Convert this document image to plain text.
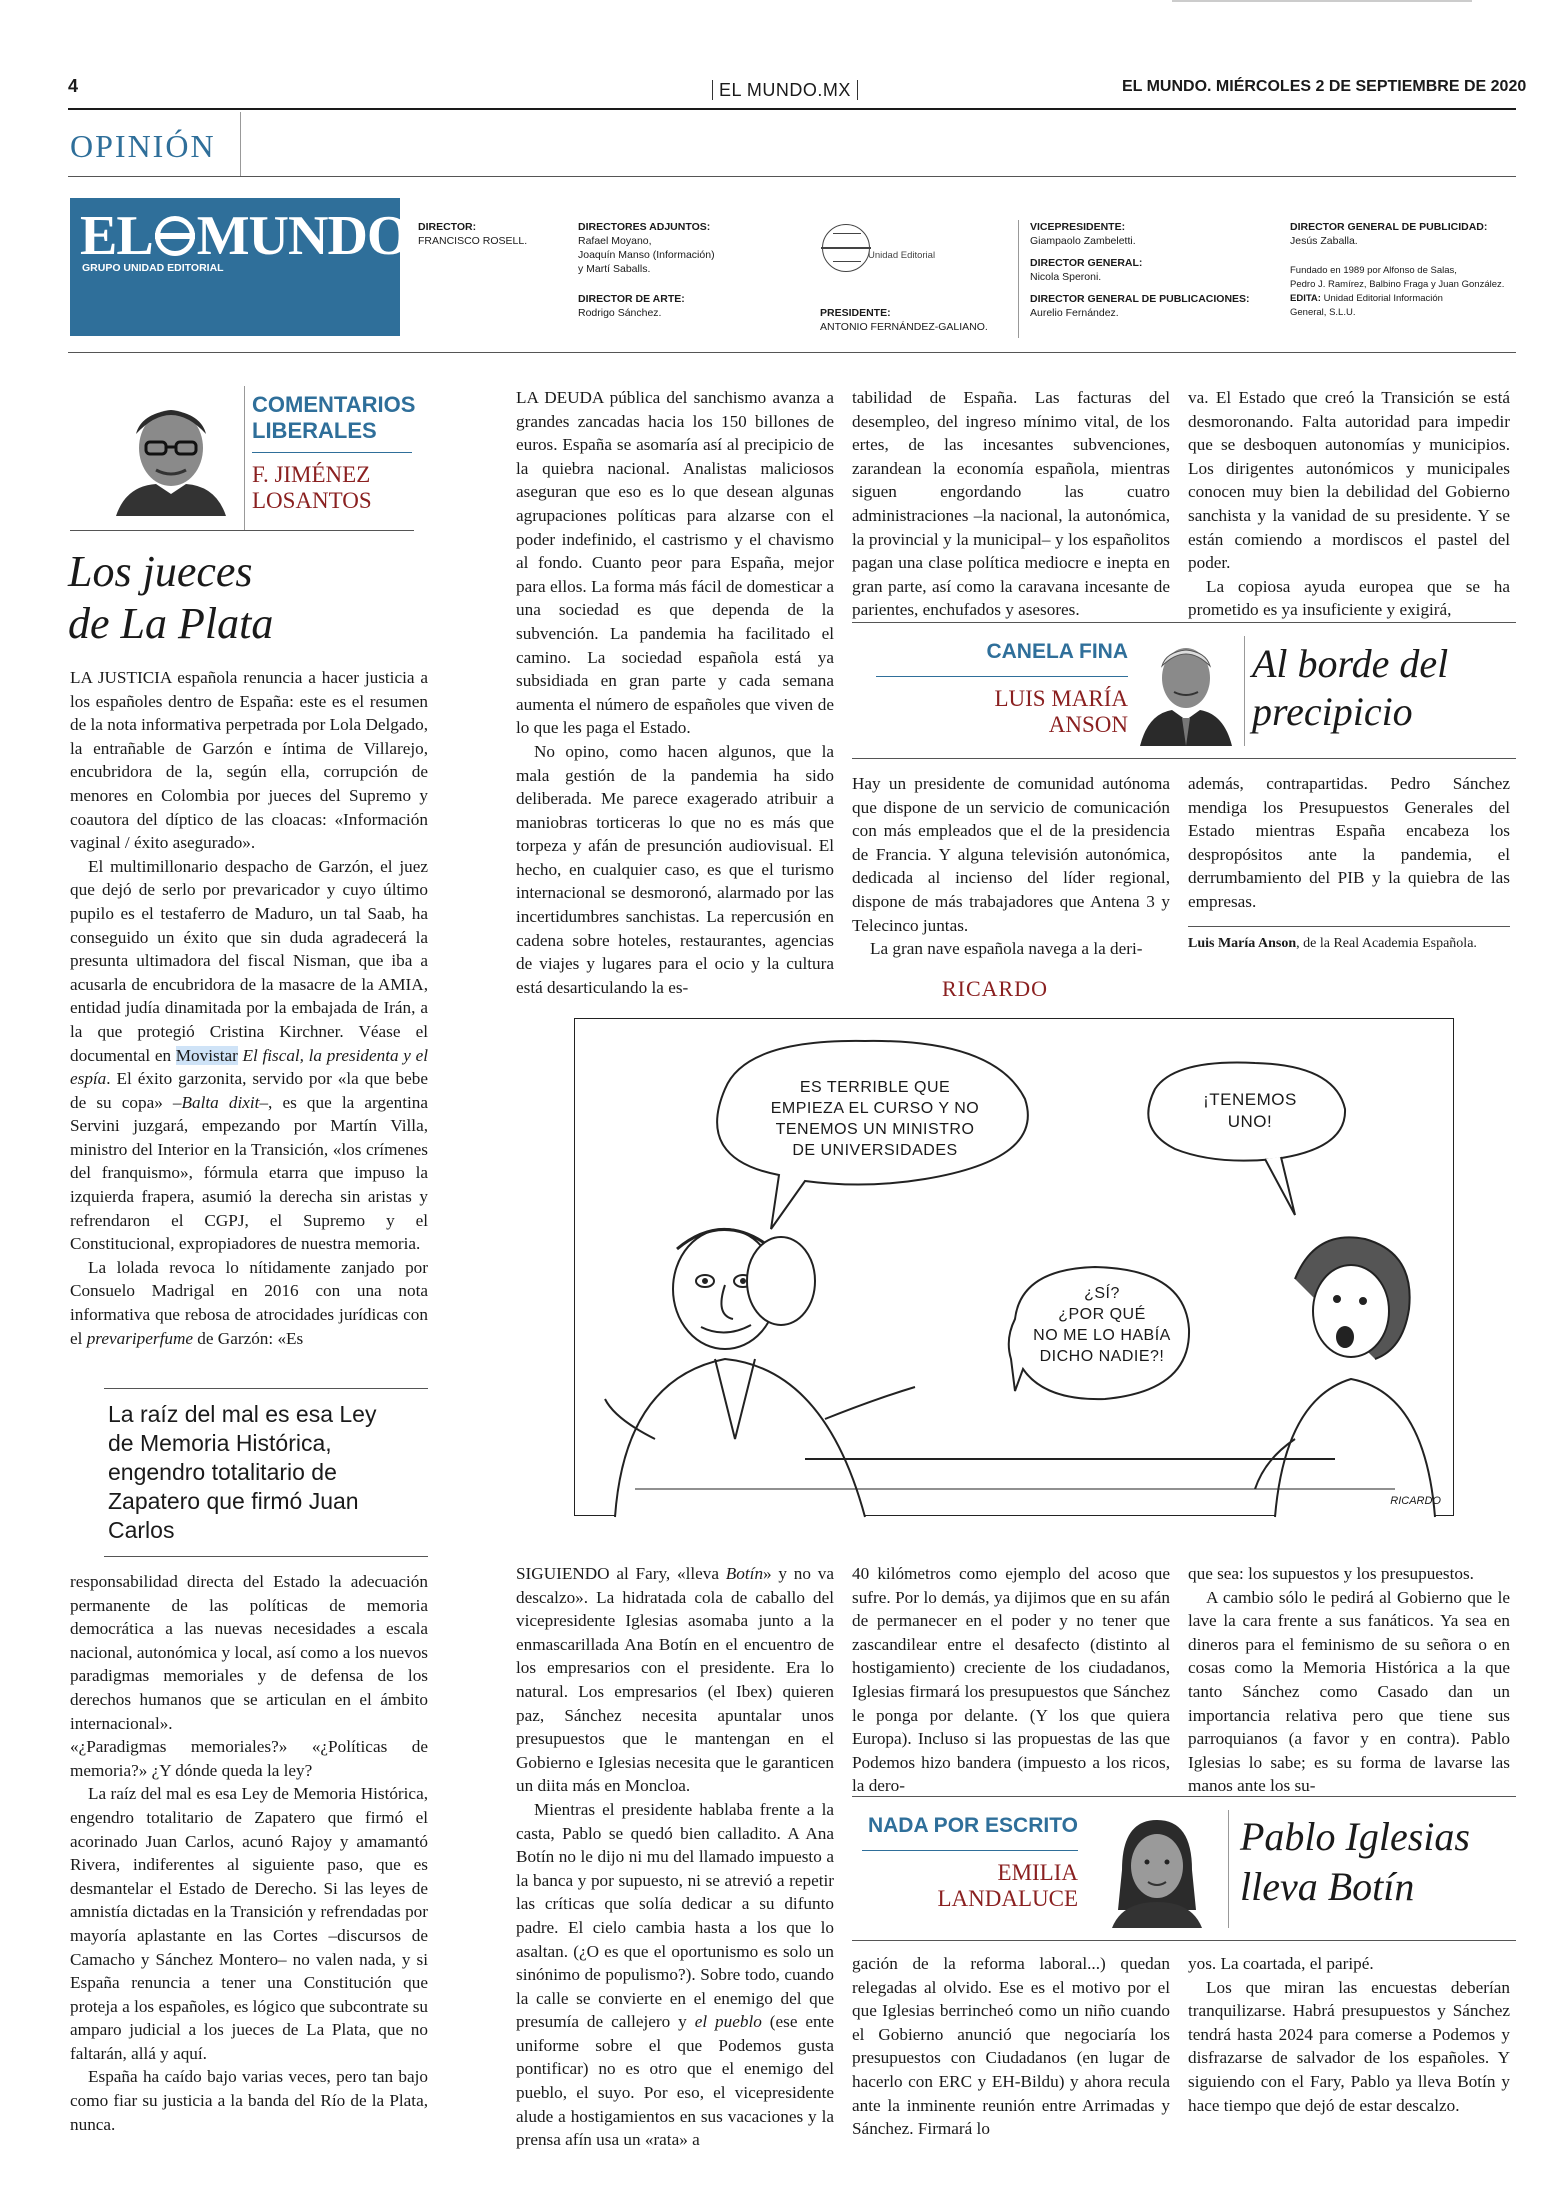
4	EL MUNDO.MX	EL MUNDO. MIÉRCOLES 2 DE SEPTIEMBRE DE 2020
OPINIÓN
EL MUNDO
GRUPO UNIDAD EDITORIAL
DIRECTOR:
FRANCISCO ROSELL.
DIRECTORES ADJUNTOS:
Rafael Moyano,
Joaquín Manso (Información)
y Martí Saballs.
DIRECTOR DE ARTE:
Rodrigo Sánchez.
Unidad Editorial
PRESIDENTE:
ANTONIO FERNÁNDEZ-GALIANO.
VICEPRESIDENTE:
Giampaolo Zambeletti.
DIRECTOR GENERAL:
Nicola Speroni.
DIRECTOR GENERAL DE PUBLICACIONES:
Aurelio Fernández.
DIRECTOR GENERAL DE PUBLICIDAD:
Jesús Zaballa.
Fundado en 1989 por Alfonso de Salas,
Pedro J. Ramírez, Balbino Fraga y Juan González.
EDITA: Unidad Editorial Información
General, S.L.U.
COMENTARIOS
LIBERALES
F. JIMÉNEZ
LOSANTOS
Los jueces
de La Plata

LA JUSTICIA española renuncia a hacer justicia a los españoles dentro de España: este es el resumen de la nota informativa perpetrada por Lola Delgado, la entrañable de Garzón e íntima de Villarejo, encubridora de la, según ella, corrupción de menores en Colombia por jueces del Supremo y coautora del díptico de las cloacas: «Información vaginal / éxito asegurado».

El multimillonario despacho de Garzón, el juez que dejó de serlo por prevaricador y cuyo último pupilo es el testaferro de Maduro, un tal Saab, ha conseguido un éxito que sin duda agradecerá la presunta ultimadora del fiscal Nisman, que iba a acusarla de encubridora de la masacre de la AMIA, entidad judía dinamitada por la embajada de Irán, a la que protegió Cristina Kirchner. Véase el documental en Movistar El fiscal, la presidenta y el espía. El éxito garzonita, servido por «la que bebe de su copa» –Balta dixit–, es que la argentina Servini juzgará, empezando por Martín Villa, ministro del Interior en la Transición, «los crímenes del franquismo», fórmula etarra que impuso la izquierda frapera, asumió la derecha sin aristas y refrendaron el CGPJ, el Supremo y el Constitucional, expropiadores de nuestra memoria.

La lolada revoca lo nítidamente zanjado por Consuelo Madrigal en 2016 con una nota informativa que rebosa de atrocidades jurídicas con el prevariperfume de Garzón: «Es

La raíz del mal es esa Ley de Memoria Histórica, engendro totalitario de Zapatero que firmó Juan Carlos

responsabilidad directa del Estado la adecuación permanente de las políticas de memoria democrática a las nuevas necesidades a escala nacional, autonómica y local, así como a los nuevos paradigmas memoriales y de defensa de los derechos humanos que se articulan en el ámbito internacional».

«¿Paradigmas memoriales?» «¿Políticas de memoria?» ¿Y dónde queda la ley?

La raíz del mal es esa Ley de Memoria Histórica, engendro totalitario de Zapatero que firmó el acorinado Juan Carlos, acunó Rajoy y amamantó Rivera, indiferentes al siguiente paso, que es desmantelar el Estado de Derecho. Si las leyes de amnistía dictadas en la Transición y refrendadas por mayoría aplastante en las Cortes –discursos de Camacho y Sánchez Montero– no valen nada, y si España renuncia a tener una Constitución que proteja a los españoles, es lógico que subcontrate su amparo judicial a los jueces de La Plata, que no faltarán, allá y aquí.

España ha caído bajo varias veces, pero tan bajo como fiar su justicia a la banda del Río de la Plata, nunca.

LA DEUDA pública del sanchismo avanza a grandes zancadas hacia los 150 billones de euros. España se asomaría así al precipicio de la quiebra nacional. Analistas maliciosos aseguran que eso es lo que desean algunas agrupaciones políticas para alzarse con el poder indefinido, el castrismo y el chavismo al fondo. Cuanto peor para España, mejor para ellos. La forma más fácil de domesticar a una sociedad es que dependa de la subvención. La pandemia ha facilitado el camino. La sociedad española está ya subsidiada en gran parte y cada semana aumenta el número de españoles que viven de lo que les paga el Estado.

No opino, como hacen algunos, que la mala gestión de la pandemia ha sido deliberada. Me parece exagerado atribuir a maniobras torticeras lo que no es más que torpeza y afán de presunción audiovisual. El hecho, en cualquier caso, es que el turismo internacional se desmoronó, alarmado por las incertidumbres sanchistas. La repercusión en cadena sobre hoteles, restaurantes, agencias de viajes y lugares para el ocio y la cultura está desarticulando la es-

tabilidad de España. Las facturas del desempleo, del ingreso mínimo vital, de los ertes, de las incesantes subvenciones, zarandean la economía española, mientras siguen engordando las cuatro administraciones –la nacional, la autonómica, la provincial y la municipal– y los españolitos pagan una clase política mediocre e inepta en gran parte, así como la caravana incesante de parientes, enchufados y asesores.

va. El Estado que creó la Transición se está desmoronando. Falta autoridad para impedir que se desboquen autonomías y municipios. Los dirigentes autonómicos y municipales conocen muy bien la debilidad del Gobierno sanchista y la vanidad de su presidente. Y se están comiendo a mordiscos el pastel del poder.

La copiosa ayuda europea que se ha prometido es ya insuficiente y exigirá,

CANELA FINA
LUIS MARÍA
ANSON
Al borde del
precipicio

Hay un presidente de comunidad autónoma que dispone de un servicio de comunicación con más empleados que el de la presidencia de Francia. Y alguna televisión autonómica, dedicada al incienso del líder regional, dispone de más trabajadores que Antena 3 y Telecinco juntas.

La gran nave española navega a la deri-

además, contrapartidas. Pedro Sánchez mendiga los Presupuestos Generales del Estado mientras España encabeza los despropósitos ante la pandemia, el derrumbamiento del PIB y la quiebra de las empresas.

Luis María Anson, de la Real Academia Española.
RICARDO
ES TERRIBLE QUE
EMPIEZA EL CURSO Y NO
TENEMOS UN MINISTRO
DE UNIVERSIDADES
¡TENEMOS
UNO!
¿SÍ?
¿POR QUÉ
NO ME LO HABÍA
DICHO NADIE?!
RICARDO

SIGUIENDO al Fary, «lleva Botín» y no va descalzo». La hidratada cola de caballo del vicepresidente Iglesias asomaba junto a la enmascarillada Ana Botín en el encuentro de los empresarios con el presidente. Era lo natural. Los empresarios (el Ibex) quieren paz, Sánchez necesita apuntalar unos presupuestos que le mantengan en el Gobierno e Iglesias necesita que le garanticen un diita más en Moncloa.

Mientras el presidente hablaba frente a la casta, Pablo se quedó bien calladito. A Ana Botín no le dijo ni mu del llamado impuesto a la banca y por supuesto, ni se atrevió a repetir las críticas que solía dedicar a su difunto padre. El cielo cambia hasta a los que lo asaltan. (¿O es que el oportunismo es solo un sinónimo de populismo?). Sobre todo, cuando la calle se convierte en el enemigo del que presumía de callejero y el pueblo (ese ente uniforme sobre el que Podemos gusta pontificar) no es otro que el enemigo del pueblo, el suyo. Por eso, el vicepresidente alude a hostigamientos en sus vacaciones y la prensa afín usa un «rata» a

40 kilómetros como ejemplo del acoso que sufre. Por lo demás, ya dijimos que en su afán de permanecer en el poder y no tener que zascandilear entre el desafecto (distinto al hostigamiento) creciente de los ciudadanos, Iglesias firmará los presupuestos que Sánchez le ponga por delante. (Y los que quiera Europa). Incluso si las propuestas de las que Podemos hizo bandera (impuesto a los ricos, la dero-

que sea: los supuestos y los presupuestos.

A cambio sólo le pedirá al Gobierno que le lave la cara frente a sus fanáticos. Ya sea en dineros para el feminismo de su señora o en cosas como la Memoria Histórica a la que tanto Sánchez como Casado dan un importancia relativa pero que tiene sus parroquianos (a favor y en contra). Pablo Iglesias lo sabe; es su forma de lavarse las manos ante los su-

NADA POR ESCRITO
EMILIA
LANDALUCE
Pablo Iglesias
lleva Botín

gación de la reforma laboral...) quedan relegadas al olvido. Ese es el motivo por el que Iglesias berrincheó como un niño cuando el Gobierno anunció que negociaría los presupuestos con Ciudadanos (en lugar de hacerlo con ERC y EH-Bildu) y ahora recula ante la inminente reunión entre Arrimadas y Sánchez. Firmará lo

yos. La coartada, el paripé.

Los que miran las encuestas deberían tranquilizarse. Habrá presupuestos y Sánchez tendrá hasta 2024 para comerse a Podemos y disfrazarse de salvador de los españoles. Y siguiendo con el Fary, Pablo ya lleva Botín y hace tiempo que dejó de estar descalzo.
